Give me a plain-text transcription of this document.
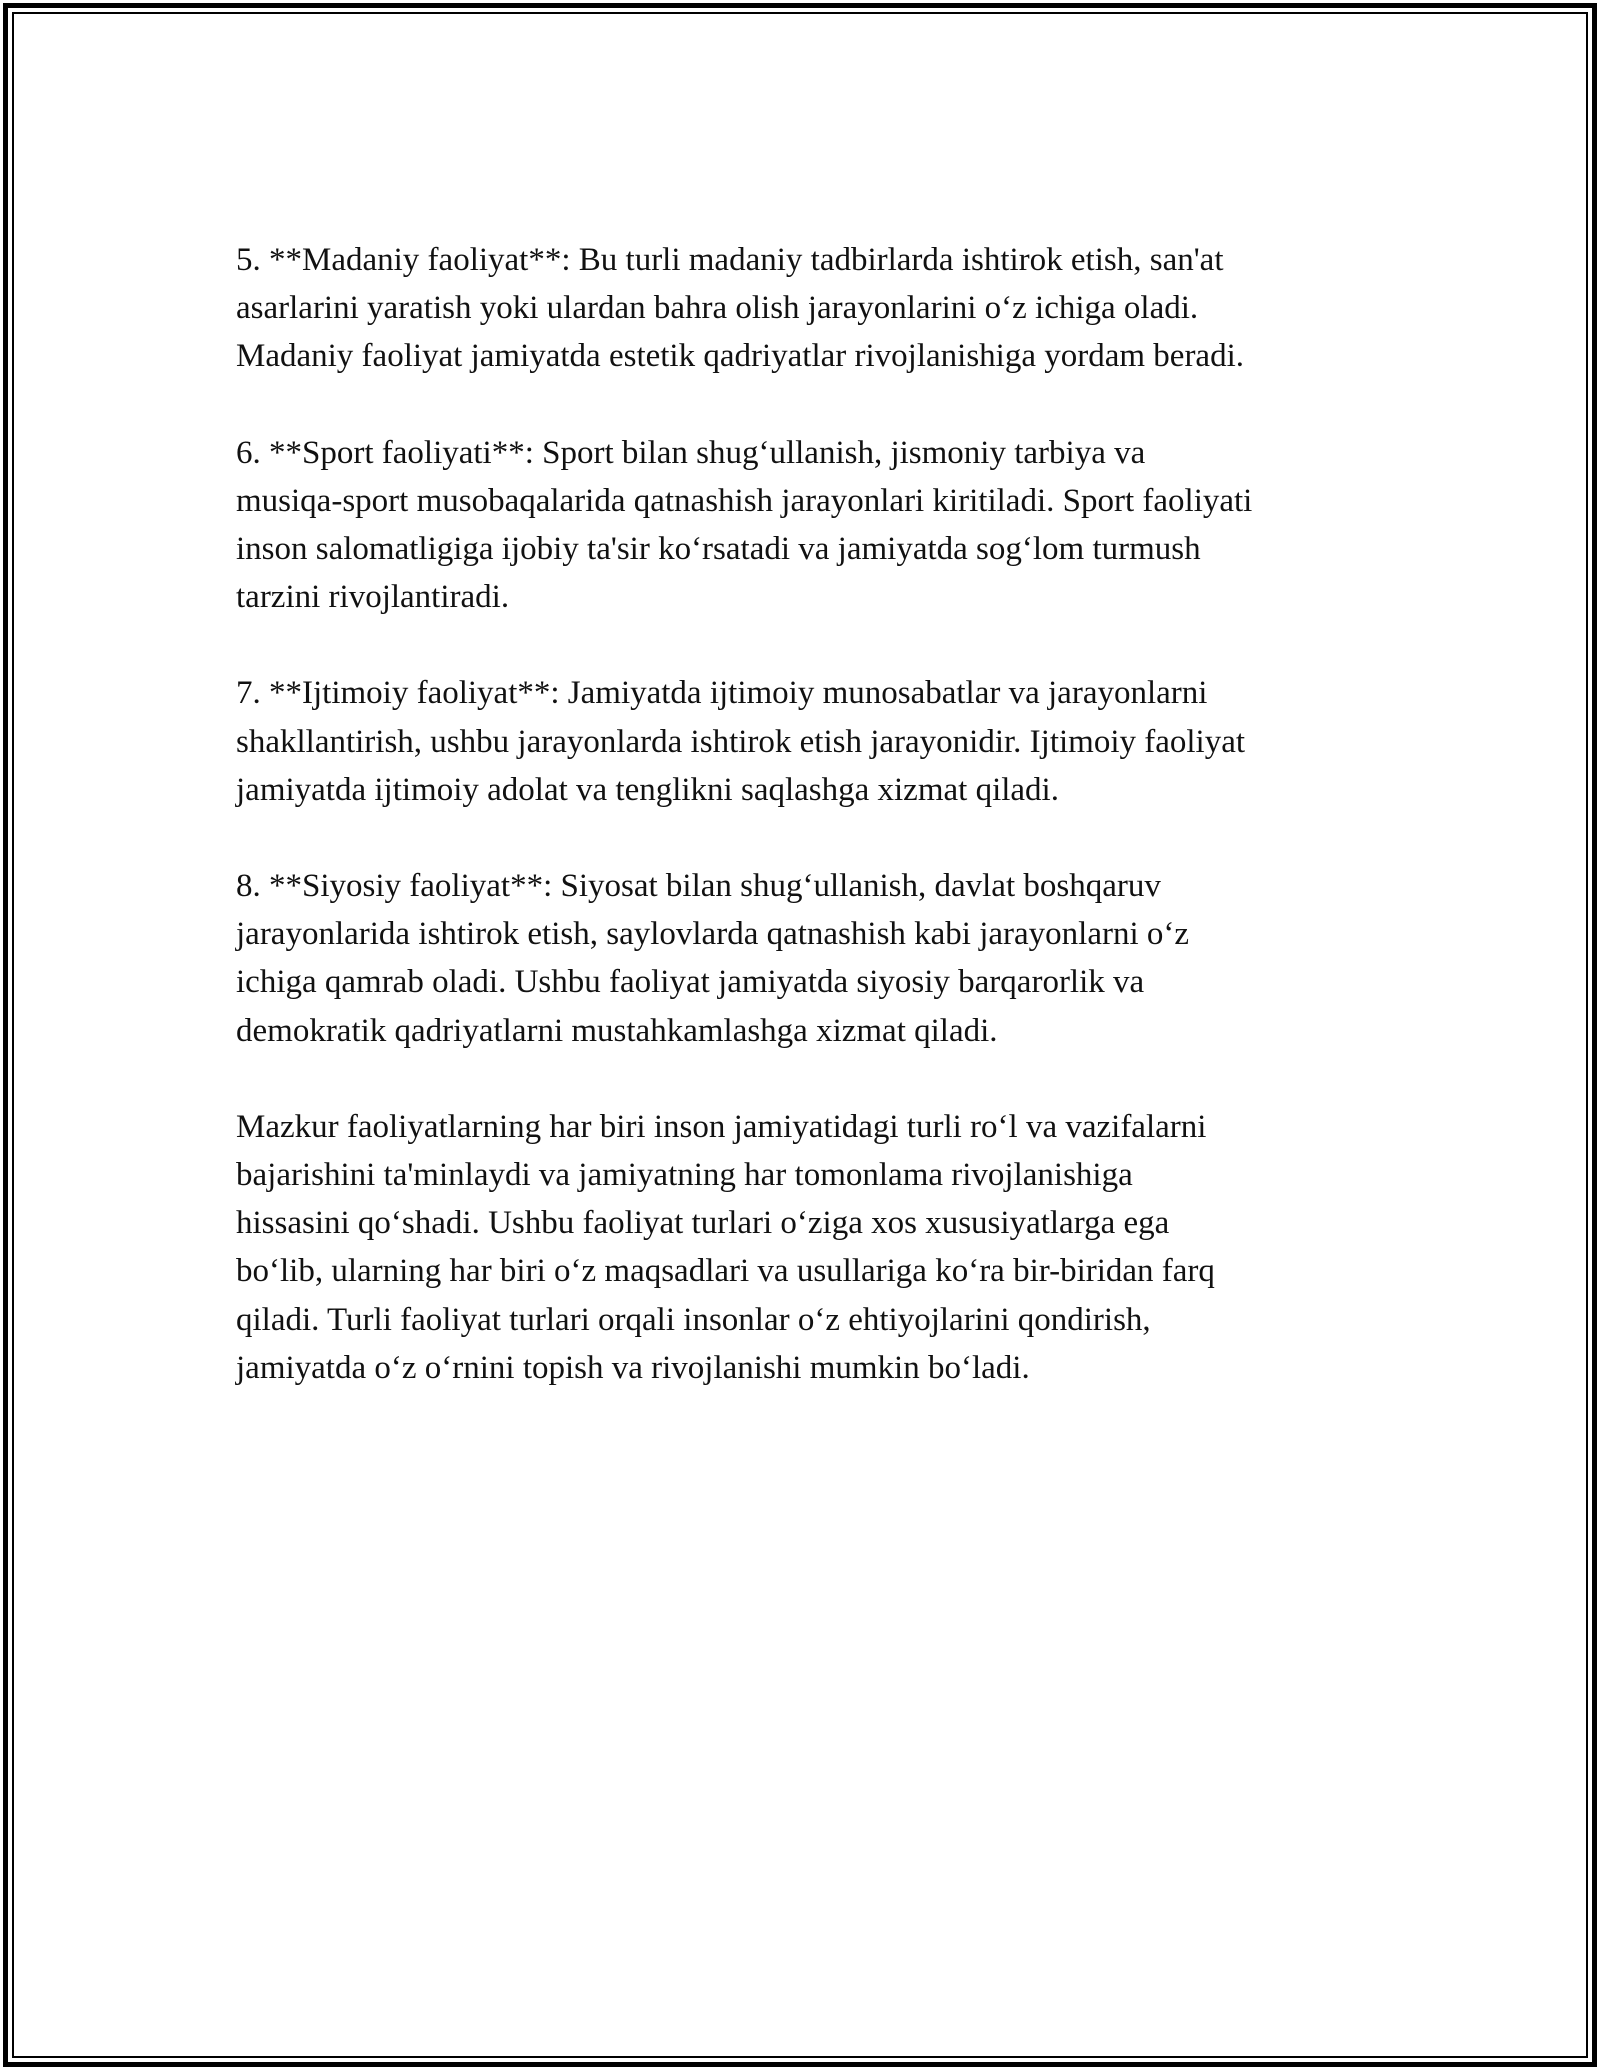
5. **Madaniy faoliyat**: Bu turli madaniy tadbirlarda ishtirok etish, san'at
asarlarini yaratish yoki ulardan bahra olish jarayonlarini oʻz ichiga oladi.
Madaniy faoliyat jamiyatda estetik qadriyatlar rivojlanishiga yordam beradi.

6. **Sport faoliyati**: Sport bilan shugʻullanish, jismoniy tarbiya va
musiqa-sport musobaqalarida qatnashish jarayonlari kiritiladi. Sport faoliyati
inson salomatligiga ijobiy ta'sir koʻrsatadi va jamiyatda sogʻlom turmush
tarzini rivojlantiradi.

7. **Ijtimoiy faoliyat**: Jamiyatda ijtimoiy munosabatlar va jarayonlarni
shakllantirish, ushbu jarayonlarda ishtirok etish jarayonidir. Ijtimoiy faoliyat
jamiyatda ijtimoiy adolat va tenglikni saqlashga xizmat qiladi.

8. **Siyosiy faoliyat**: Siyosat bilan shugʻullanish, davlat boshqaruv
jarayonlarida ishtirok etish, saylovlarda qatnashish kabi jarayonlarni oʻz
ichiga qamrab oladi. Ushbu faoliyat jamiyatda siyosiy barqarorlik va
demokratik qadriyatlarni mustahkamlashga xizmat qiladi.

Mazkur faoliyatlarning har biri inson jamiyatidagi turli roʻl va vazifalarni
bajarishini ta'minlaydi va jamiyatning har tomonlama rivojlanishiga
hissasini qoʻshadi. Ushbu faoliyat turlari oʻziga xos xususiyatlarga ega
boʻlib, ularning har biri oʻz maqsadlari va usullariga koʻra bir-biridan farq
qiladi. Turli faoliyat turlari orqali insonlar oʻz ehtiyojlarini qondirish,
jamiyatda oʻz oʻrnini topish va rivojlanishi mumkin boʻladi.
